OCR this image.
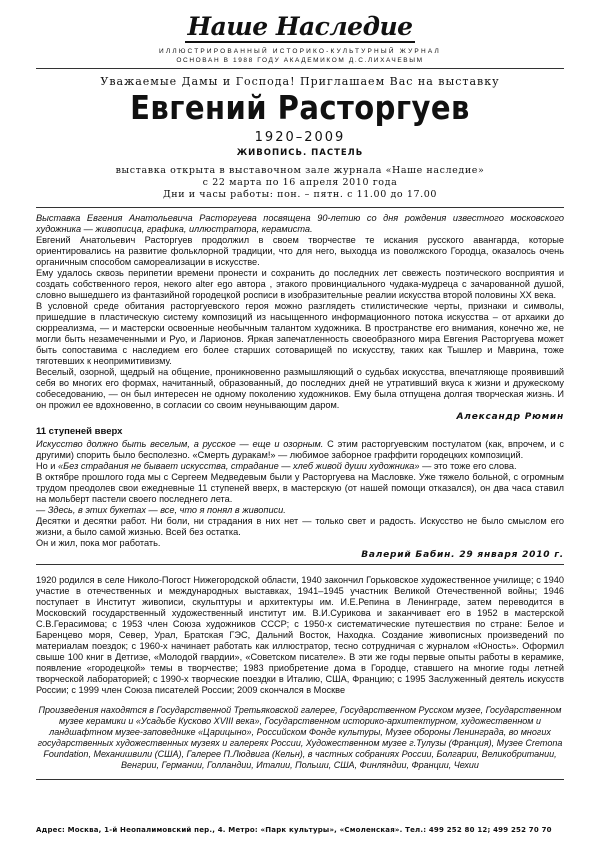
Наше Наследие
ИЛЛЮСТРИРОВАННЫЙ ИСТОРИКО-КУЛЬТУРНЫЙ ЖУРНАЛ
ОСНОВАН В 1988 ГОДУ АКАДЕМИКОМ Д.С.ЛИХАЧЕВЫМ
Уважаемые Дамы и Господа! Приглашаем Вас на выставку
Евгений Расторгуев
1920–2009
ЖИВОПИСЬ. ПАСТЕЛЬ
выставка открыта в выставочном зале журнала «Наше наследие»
с 22 марта по 16 апреля 2010 года
Дни и часы работы: пон. – пятн. с 11.00 до 17.00

Выставка Евгения Анатольевича Расторгуева посвящена 90-летию со дня рождения известного московского художника — живописца, графика, иллюстратора, керамиста.

Евгений Анатольевич Расторгуев продолжил в своем творчестве те искания русского авангарда, которые ориентировались на развитие фольклорной традиции, что для него, выходца из поволжского Городца, оказалось очень органичным способом самореализации в искусстве.

Ему удалось сквозь перипетии времени пронести и сохранить до последних лет свежесть поэтического восприятия и создать собственного героя, некого alter ego автора , этакого провинциального чудака-мудреца с зачарованной душой, словно вышедшего из фантазийной городецкой росписи в изобразительные реалии искусства второй половины ХХ века.

В условной среде обитания расторгуевского героя можно разглядеть стилистические черты, признаки и символы, пришедшие в пластическую систему композиций из насыщенного информационного потока искусства – от архаики до сюрреализма, — и мастерски освоенные необычным талантом художника. В пространстве его внимания, конечно же, не могли быть незамеченными и Руо, и Ларионов. Яркая запечатленность своеобразного мира Евгения Расторгуева может быть сопоставима с наследием его более старших сотоварищей по искусству, таких как Тышлер и Маврина, тоже тяготевших к неопримитивизму.

Веселый, озорной, щедрый на общение, проникновенно размышляющий о судьбах искусства, впечатляюще проявивший себя во многих его формах, начитанный, образованный, до последних дней не утративший вкуса к жизни и дружескому собеседованию, — он был интересен не одному поколению художников. Ему была отпущена долгая творческая жизнь. И он прожил ее вдохновенно, в согласии со своим неунывающим даром.

Александр Рюмин
11 ступеней вверх

Искусство должно быть веселым, а русское — еще и озорным. С этим расторгуевским постулатом (как, впрочем, и с другими) спорить было бесполезно. «Смерть дуракам!» — любимое заборное граффити городецких композиций.

Но и «Без страдания не бывает искусства, страдание — хлеб живой души художника» — это тоже его слова.

В октябре прошлого года мы с Сергеем Медведевым были у Расторгуева на Масловке. Уже тяжело больной, с огромным трудом преодолев свои ежедневные 11 ступеней вверх, в мастерскую (от нашей помощи отказался), он два часа ставил на мольберт пастели своего последнего лета.

— Здесь, в этих букетах — все, что я понял в живописи.

Десятки и десятки работ. Ни боли, ни страдания в них нет — только свет и радость. Искусство не было смыслом его жизни, а было самой жизнью. Всей без остатка.

Он и жил, пока мог работать.

Валерий Бабин. 29 января 2010 г.
1920 родился в селе Николо-Погост Нижегородской области, 1940 закончил Горьковское художественное училище; с 1940 участие в отечественных и международных выставках, 1941–1945 участник Великой Отечественной войны; 1946 поступает в Институт живописи, скульптуры и архитектуры им. И.Е.Репина в Ленинграде, затем переводится в Московский государственный художественный институт им. В.И.Сурикова и заканчивает его в 1952 в мастерской С.В.Герасимова; с 1953 член Союза художников СССР; с 1950-х систематические путешествия по стране: Белое и Баренцево моря, Север, Урал, Братская ГЭС, Дальний Восток, Находка. Создание живописных произведений по материалам поездок; с 1960-х начинает работать как иллюстратор, тесно сотрудничая с журналом «Юность». Оформил свыше 100 книг в Детгизе, «Молодой гвардии», «Советском писателе». В эти же годы первые опыты работы в керамике, появление «городецкой» темы в творчестве; 1983 приобретение дома в Городце, ставшего на многие годы летней творческой лабораторией; с 1990-х творческие поездки в Италию, США, Францию; с 1995 Заслуженный деятель искусств России; с 1999 член Союза писателей России; 2009 скончался в Москве
Произведения находятся в Государственной Третьяковской галерее, Государственном Русском музее, Государственном музее керамики и «Усадьбе Кусково XVIII века», Государственном историко-архитектурном, художественном и ландшафтном музее-заповеднике «Царицыно», Российском Фонде культуры, Музее обороны Ленинграда, во многих государственных художественных музеях и галереях России, Художественном музее г.Тулузы (Франция), Музее Cremona Foundation, Механишвили (США), Галерее П.Людвига (Кельн), в частных собраниях России, Болгарии, Великобритании, Венгрии, Германии, Голландии, Италии, Польши, США, Финляндии, Франции, Чехии
Адрес: Москва, 1-й Неопалимовский пер., 4. Метро: «Парк культуры», «Смоленская». Тел.: 499 252 80 12; 499 252 70 70
